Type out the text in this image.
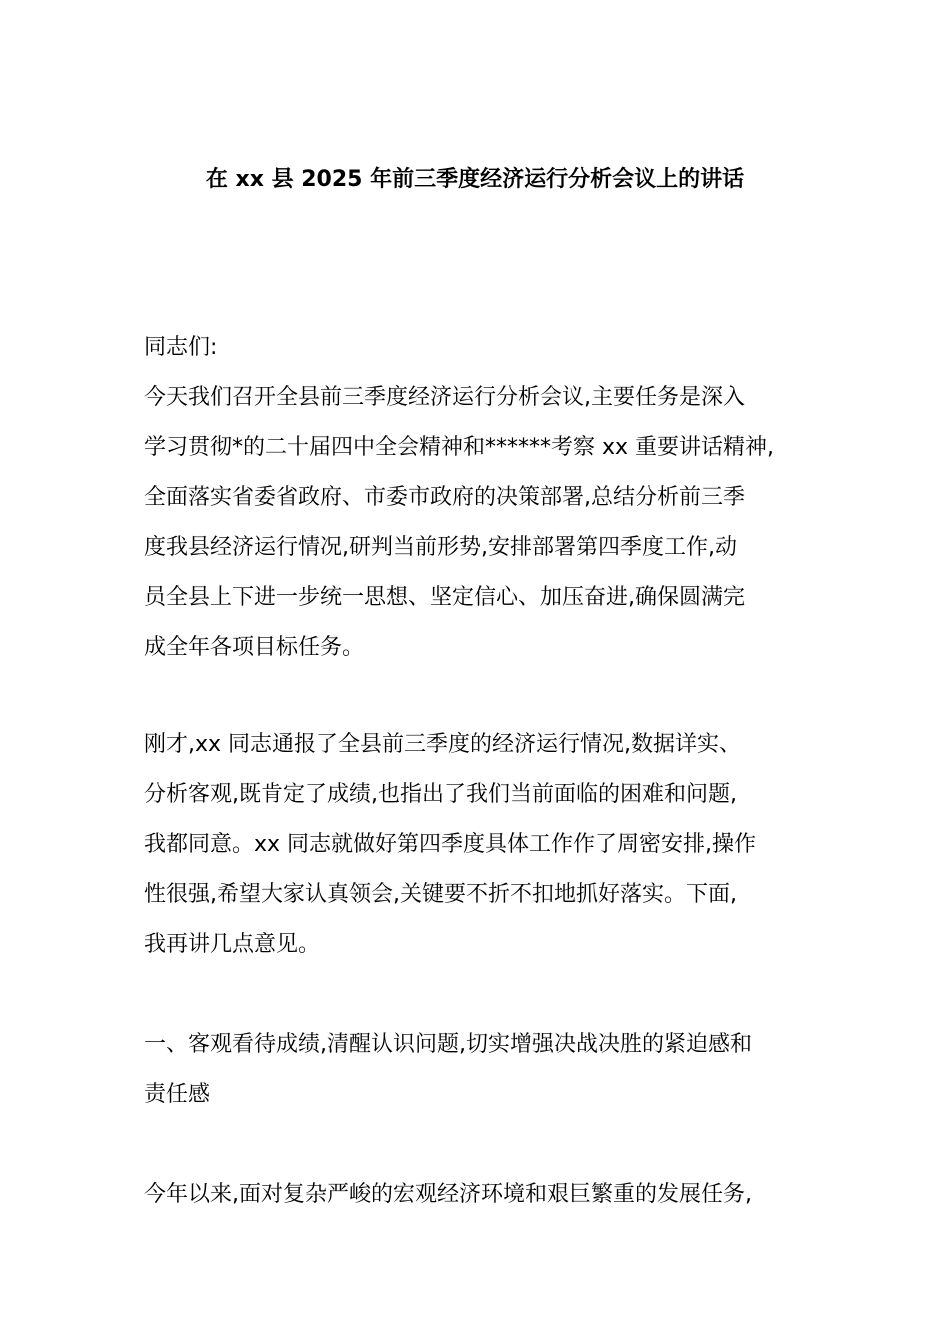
在 xx 县 2025 年前三季度经济运行分析会议上的讲话
同志们:
今天我们召开全县前三季度经济运行分析会议,主要任务是深入
学习贯彻*的二十届四中全会精神和******考察 xx 重要讲话精神,
全面落实省委省政府、市委市政府的决策部署,总结分析前三季
度我县经济运行情况,研判当前形势,安排部署第四季度工作,动
员全县上下进一步统一思想、坚定信心、加压奋进,确保圆满完
成全年各项目标任务。
刚才,xx 同志通报了全县前三季度的经济运行情况,数据详实、
分析客观,既肯定了成绩,也指出了我们当前面临的困难和问题,
我都同意。xx 同志就做好第四季度具体工作作了周密安排,操作
性很强,希望大家认真领会,关键要不折不扣地抓好落实。下面,
我再讲几点意见。
一、客观看待成绩,清醒认识问题,切实增强决战决胜的紧迫感和
责任感
今年以来,面对复杂严峻的宏观经济环境和艰巨繁重的发展任务,
